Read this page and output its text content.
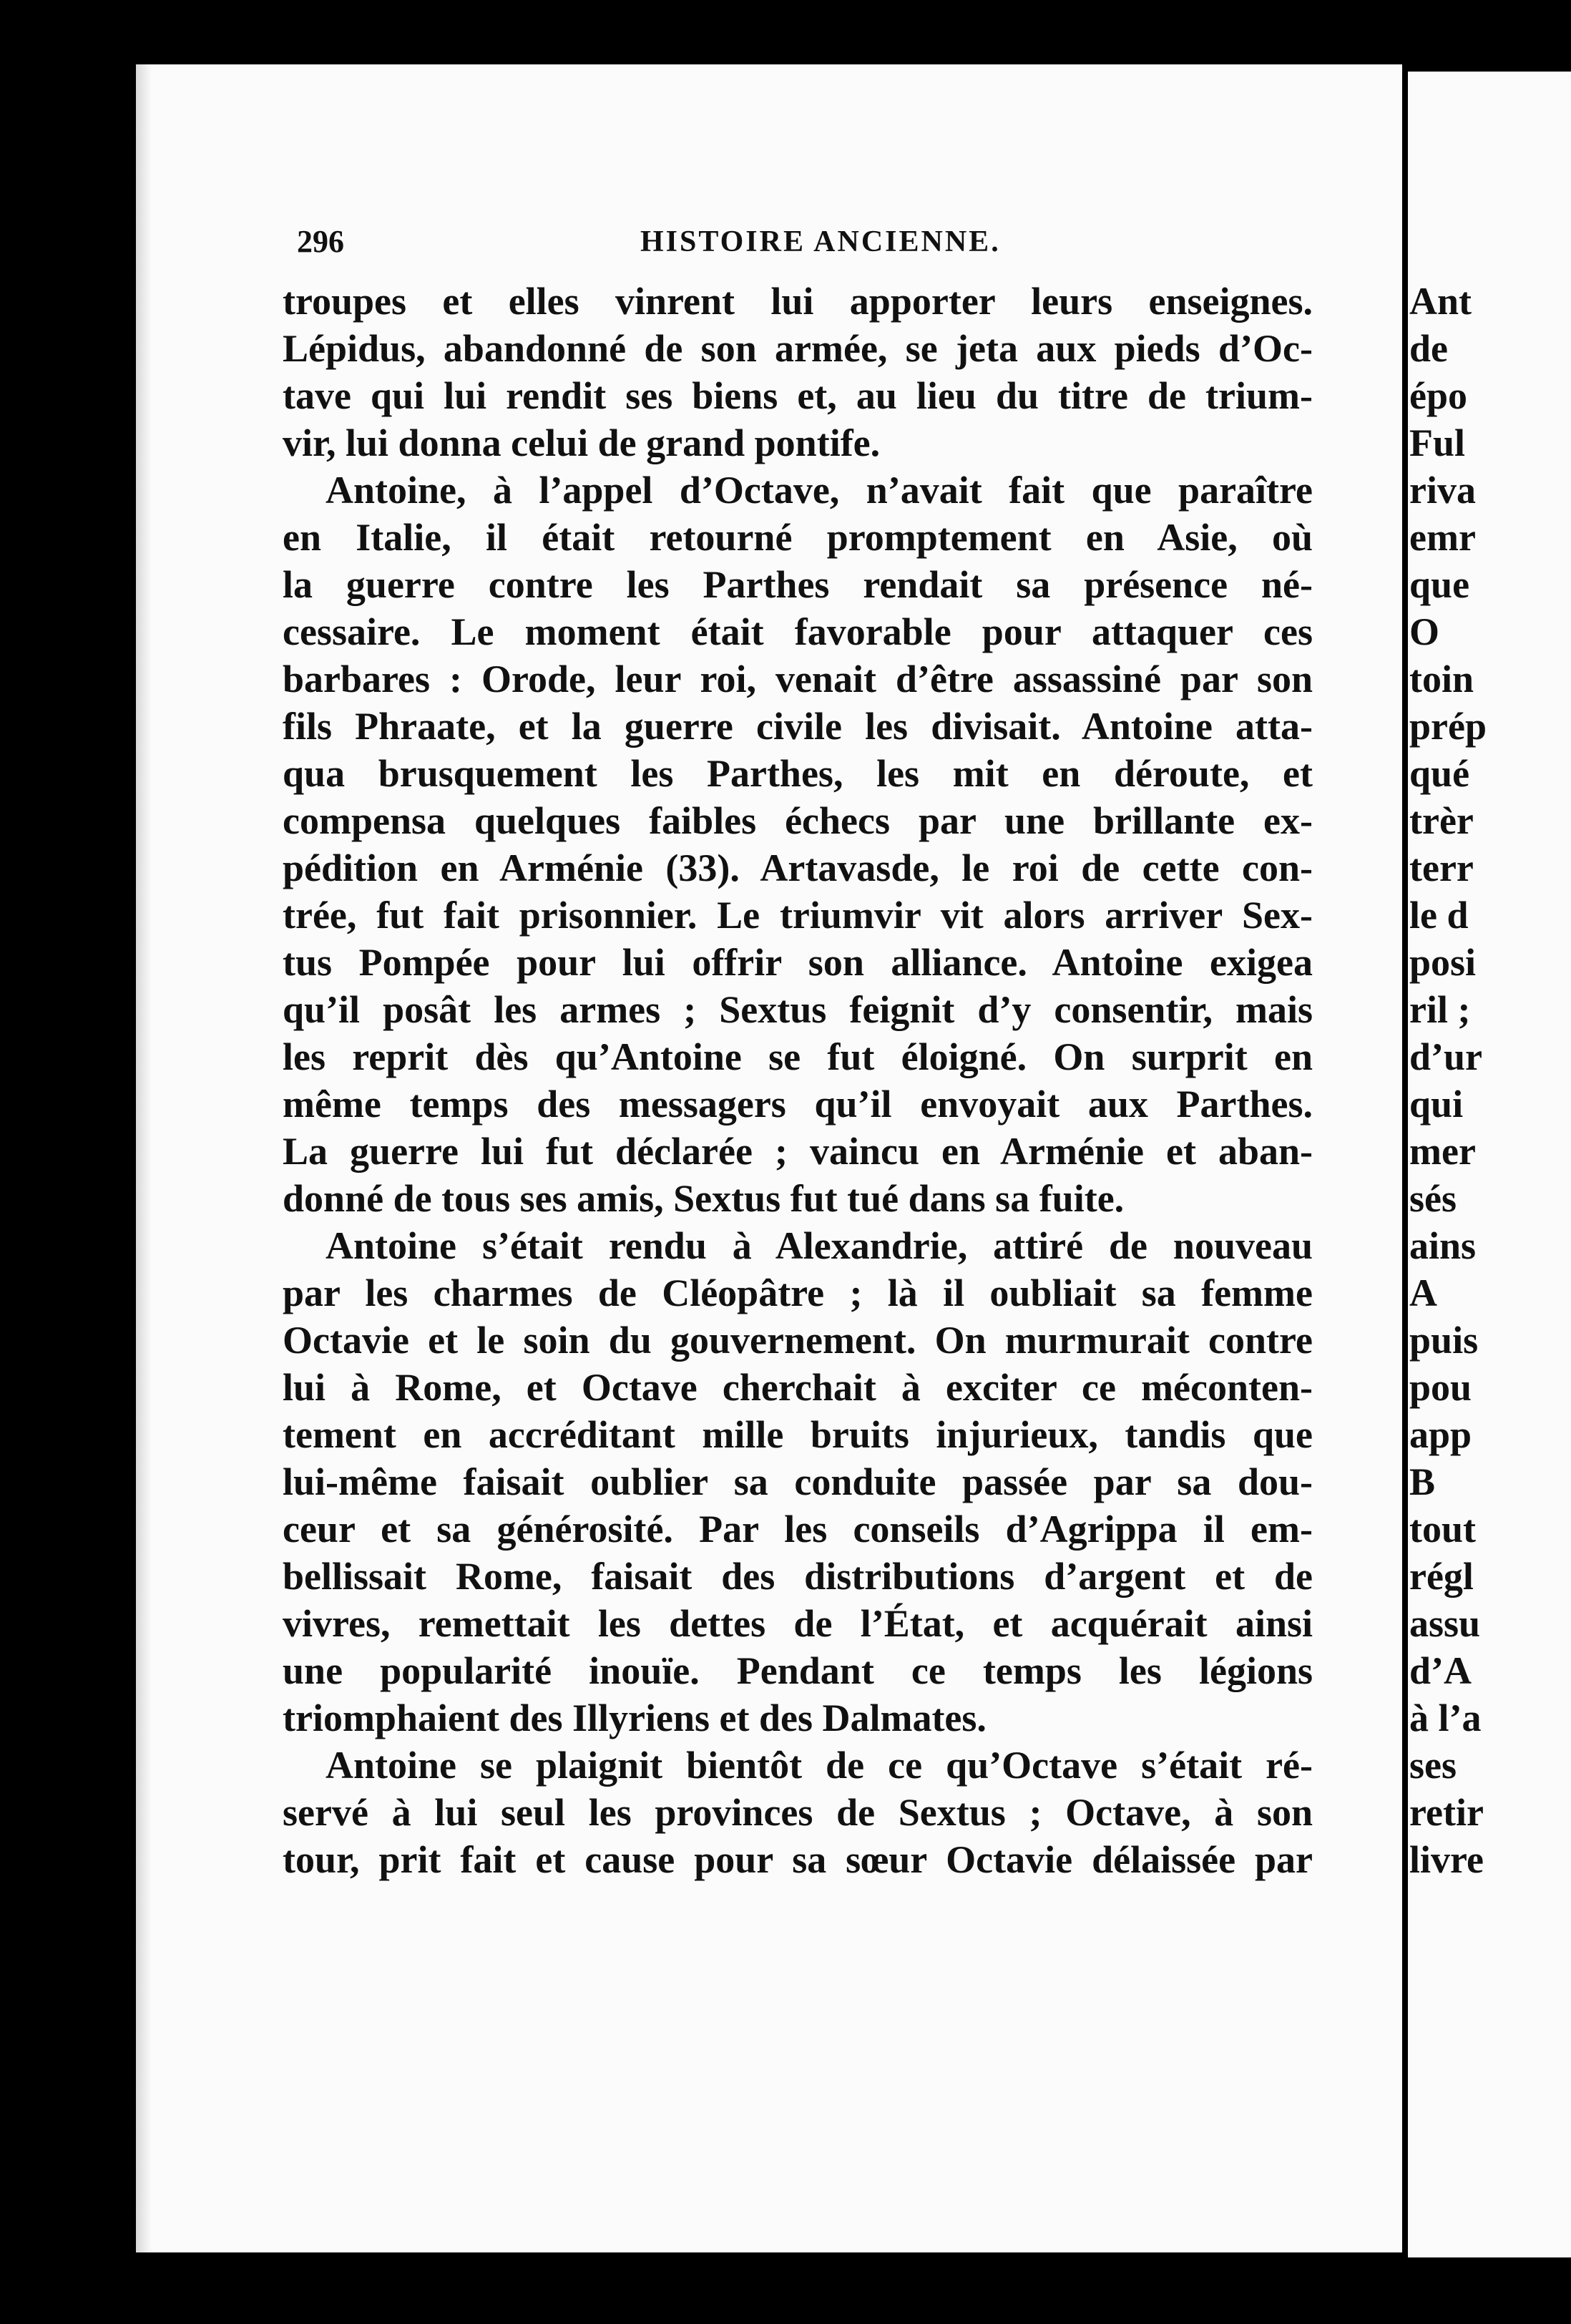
Ant
de
épo
Ful
riva
emr
que
O
toin
prép
qué
trèr
terr
le d
posi
ril ;
d’ur
qui
mer
sés
ains
A
puis
pou
app
B
tout
régl
assu
d’A
à l’a
ses
retir
livre
296	HISTOIRE ANCIENNE.
troupes et elles vinrent lui apporter leurs enseignes.
Lépidus, abandonné de son armée, se jeta aux pieds d’Oc-
tave qui lui rendit ses biens et, au lieu du titre de trium-
vir, lui donna celui de grand pontife.
Antoine, à l’appel d’Octave, n’avait fait que paraître
en Italie, il était retourné promptement en Asie, où
la guerre contre les Parthes rendait sa présence né-
cessaire. Le moment était favorable pour attaquer ces
barbares : Orode, leur roi, venait d’être assassiné par son
fils Phraate, et la guerre civile les divisait. Antoine atta-
qua brusquement les Parthes, les mit en déroute, et
compensa quelques faibles échecs par une brillante ex-
pédition en Arménie (33). Artavasde, le roi de cette con-
trée, fut fait prisonnier. Le triumvir vit alors arriver Sex-
tus Pompée pour lui offrir son alliance. Antoine exigea
qu’il posât les armes ; Sextus feignit d’y consentir, mais
les reprit dès qu’Antoine se fut éloigné. On surprit en
même temps des messagers qu’il envoyait aux Parthes.
La guerre lui fut déclarée ; vaincu en Arménie et aban-
donné de tous ses amis, Sextus fut tué dans sa fuite.
Antoine s’était rendu à Alexandrie, attiré de nouveau
par les charmes de Cléopâtre ; là il oubliait sa femme
Octavie et le soin du gouvernement. On murmurait contre
lui à Rome, et Octave cherchait à exciter ce méconten-
tement en accréditant mille bruits injurieux, tandis que
lui-même faisait oublier sa conduite passée par sa dou-
ceur et sa générosité. Par les conseils d’Agrippa il em-
bellissait Rome, faisait des distributions d’argent et de
vivres, remettait les dettes de l’État, et acquérait ainsi
une popularité inouïe. Pendant ce temps les légions
triomphaient des Illyriens et des Dalmates.
Antoine se plaignit bientôt de ce qu’Octave s’était ré-
servé à lui seul les provinces de Sextus ; Octave, à son
tour, prit fait et cause pour sa sœur Octavie délaissée par
